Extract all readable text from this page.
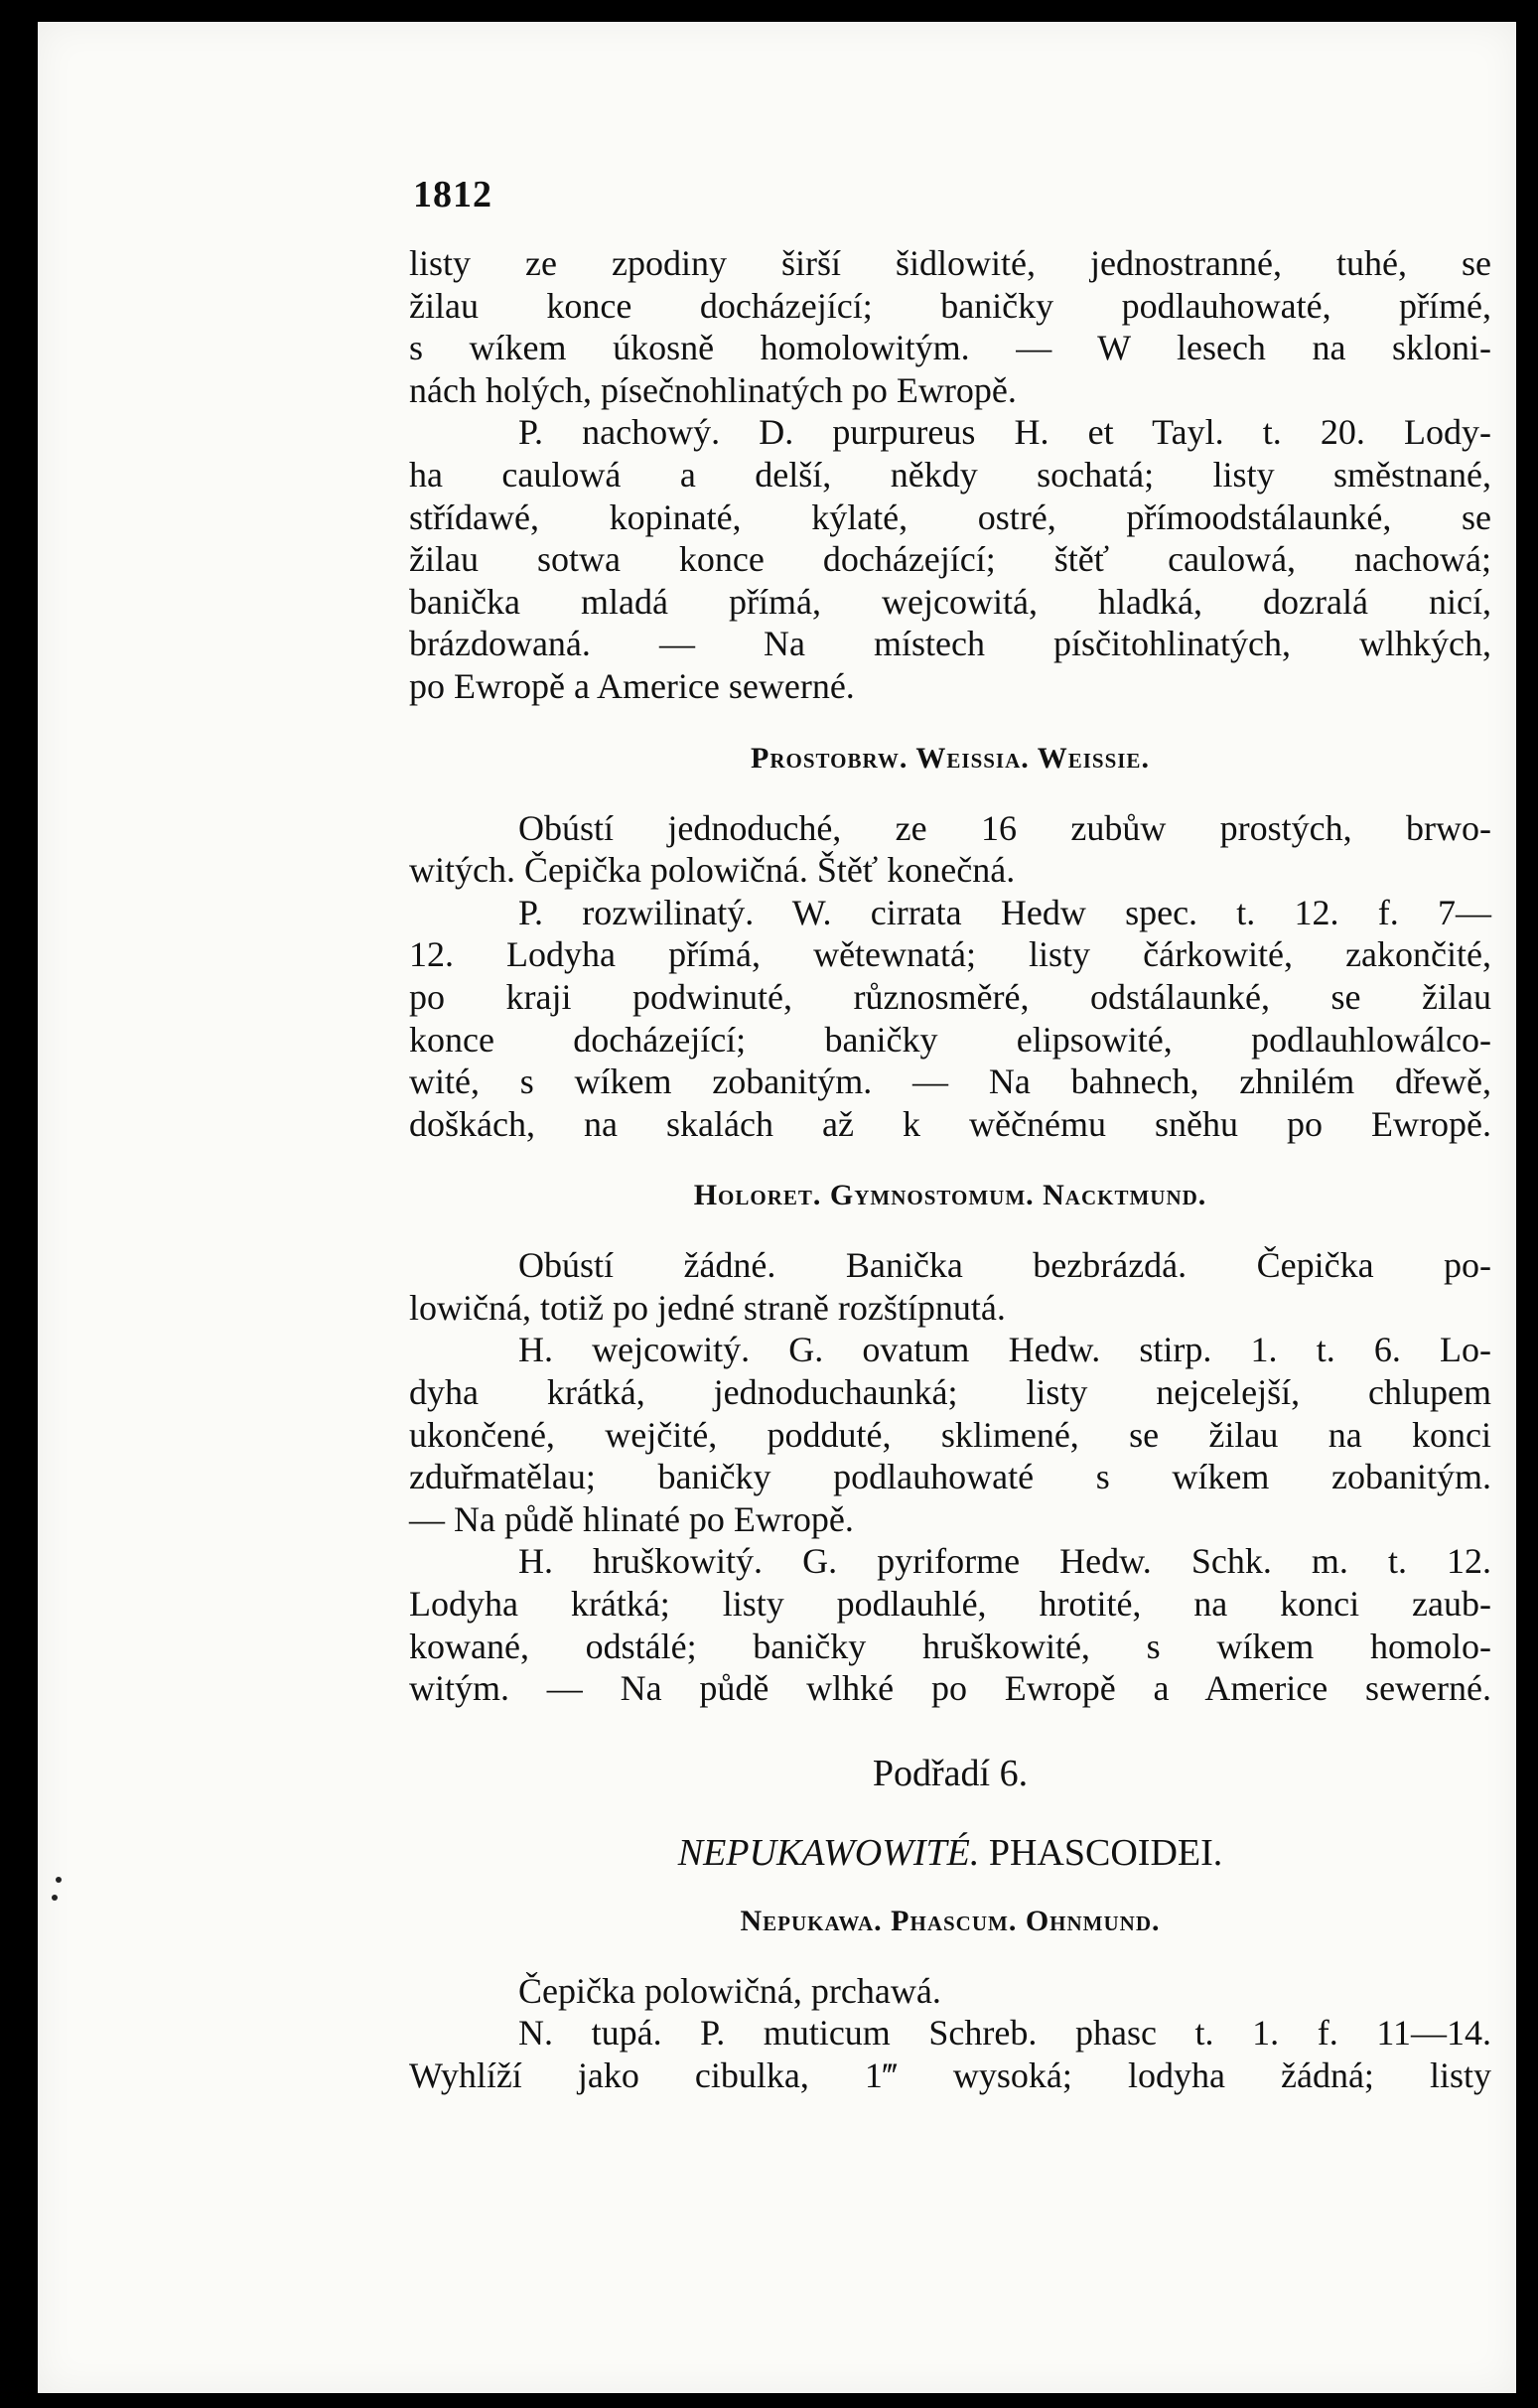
1812
listy ze zpodiny širší šidlowité, jednostranné, tuhé, se
žilau konce docházející; baničky podlauhowaté, přímé,
s wíkem úkosně homolowitým. — W lesech na skloni-
nách holých, písečnohlinatých po Ewropě.
P. nachowý. D. purpureus H. et Tayl. t. 20. Lody-
ha caulowá a delší, někdy sochatá; listy směstnané,
střídawé, kopinaté, kýlaté, ostré, přímoodstálaunké, se
žilau sotwa konce docházející; štěť caulowá, nachowá;
banička mladá přímá, wejcowitá, hladká, dozralá nicí,
brázdowaná. — Na místech písčitohlinatých, wlhkých,
po Ewropě a Americe sewerné.
Prostobrw. Weissia. Weissie.
Obústí jednoduché, ze 16 zubůw prostých, brwo-
witých. Čepička polowičná. Štěť konečná.
P. rozwilinatý. W. cirrata Hedw spec. t. 12. f. 7—
12. Lodyha přímá, wětewnatá; listy čárkowité, zakončité,
po kraji podwinuté, různosměré, odstálaunké, se žilau
konce docházející; baničky elipsowité, podlauhlowálco-
wité, s wíkem zobanitým. — Na bahnech, zhnilém dřewě,
doškách, na skalách až k wěčnému sněhu po Ewropě.
Holoret. Gymnostomum. Nacktmund.
Obústí žádné. Banička bezbrázdá. Čepička po-
lowičná, totiž po jedné straně rozštípnutá.
H. wejcowitý. G. ovatum Hedw. stirp. 1. t. 6. Lo-
dyha krátká, jednoduchaunká; listy nejcelejší, chlupem
ukončené, wejčité, podduté, sklimené, se žilau na konci
zduřmatělau; baničky podlauhowaté s wíkem zobanitým.
— Na půdě hlinaté po Ewropě.
H. hruškowitý. G. pyriforme Hedw. Schk. m. t. 12.
Lodyha krátká; listy podlauhlé, hrotité, na konci zaub-
kowané, odstálé; baničky hruškowité, s wíkem homolo-
witým. — Na půdě wlhké po Ewropě a Americe sewerné.
Podřadí 6.
NEPUKAWOWITÉ. PHASCOIDEI.
Nepukawa. Phascum. Ohnmund.
Čepička polowičná, prchawá.
N. tupá. P. muticum Schreb. phasc t. 1. f. 11—14.
Wyhlíží jako cibulka, 1‴ wysoká; lodyha žádná; listy
